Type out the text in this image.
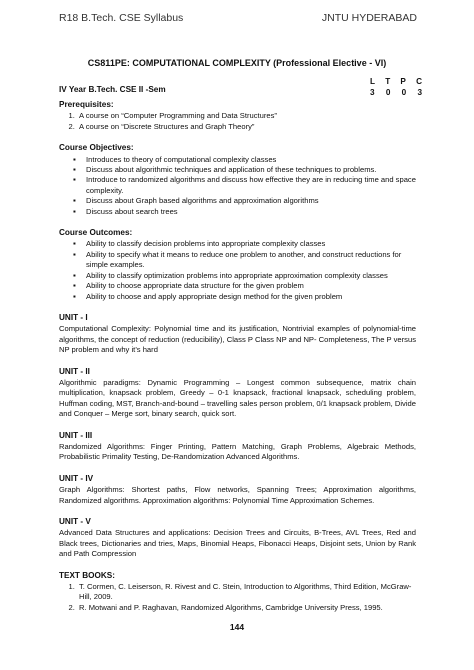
R18 B.Tech. CSE Syllabus	JNTU HYDERABAD
CS811PE: COMPUTATIONAL COMPLEXITY (Professional Elective - VI)
IV Year B.Tech. CSE II -Sem
L T P C
3 0 0 3
Prerequisites:
1. A course on “Computer Programming and Data Structures”
2. A course on “Discrete Structures and Graph Theory”
Course Objectives:
▪ Introduces to theory of computational complexity classes
▪ Discuss about algorithmic techniques and application of these techniques to problems.
▪ Introduce to randomized algorithms and discuss how effective they are in reducing time and space complexity.
▪ Discuss about Graph based algorithms and approximation algorithms
▪ Discuss about search trees
Course Outcomes:
▪ Ability to classify decision problems into appropriate complexity classes
▪ Ability to specify what it means to reduce one problem to another, and construct reductions for simple examples.
▪ Ability to classify optimization problems into appropriate approximation complexity classes
▪ Ability to choose appropriate data structure for the given problem
▪ Ability to choose and apply appropriate design method for the given problem
UNIT - I

Computational Complexity: Polynomial time and its justification, Nontrivial examples of polynomial-time algorithms, the concept of reduction (reducibility), Class P Class NP and NP- Completeness, The P versus NP problem and why it’s hard

UNIT - II

Algorithmic paradigms: Dynamic Programming – Longest common subsequence, matrix chain multiplication, knapsack problem, Greedy – 0-1 knapsack, fractional knapsack, scheduling problem, Huffman coding, MST, Branch-and-bound – travelling sales person problem, 0/1 knapsack problem, Divide and Conquer – Merge sort, binary search, quick sort.

UNIT - III

Randomized Algorithms: Finger Printing, Pattern Matching, Graph Problems, Algebraic Methods, Probabilistic Primality Testing, De-Randomization Advanced Algorithms.

UNIT - IV

Graph Algorithms: Shortest paths, Flow networks, Spanning Trees; Approximation algorithms, Randomized algorithms. Approximation algorithms: Polynomial Time Approximation Schemes.

UNIT - V

Advanced Data Structures and applications: Decision Trees and Circuits, B-Trees, AVL Trees, Red and Black trees, Dictionaries and tries, Maps, Binomial Heaps, Fibonacci Heaps, Disjoint sets, Union by Rank and Path Compression

TEXT BOOKS:
1. T. Cormen, C. Leiserson, R. Rivest and C. Stein, Introduction to Algorithms, Third Edition, McGraw-Hill, 2009.
2. R. Motwani and P. Raghavan, Randomized Algorithms, Cambridge University Press, 1995.
144
